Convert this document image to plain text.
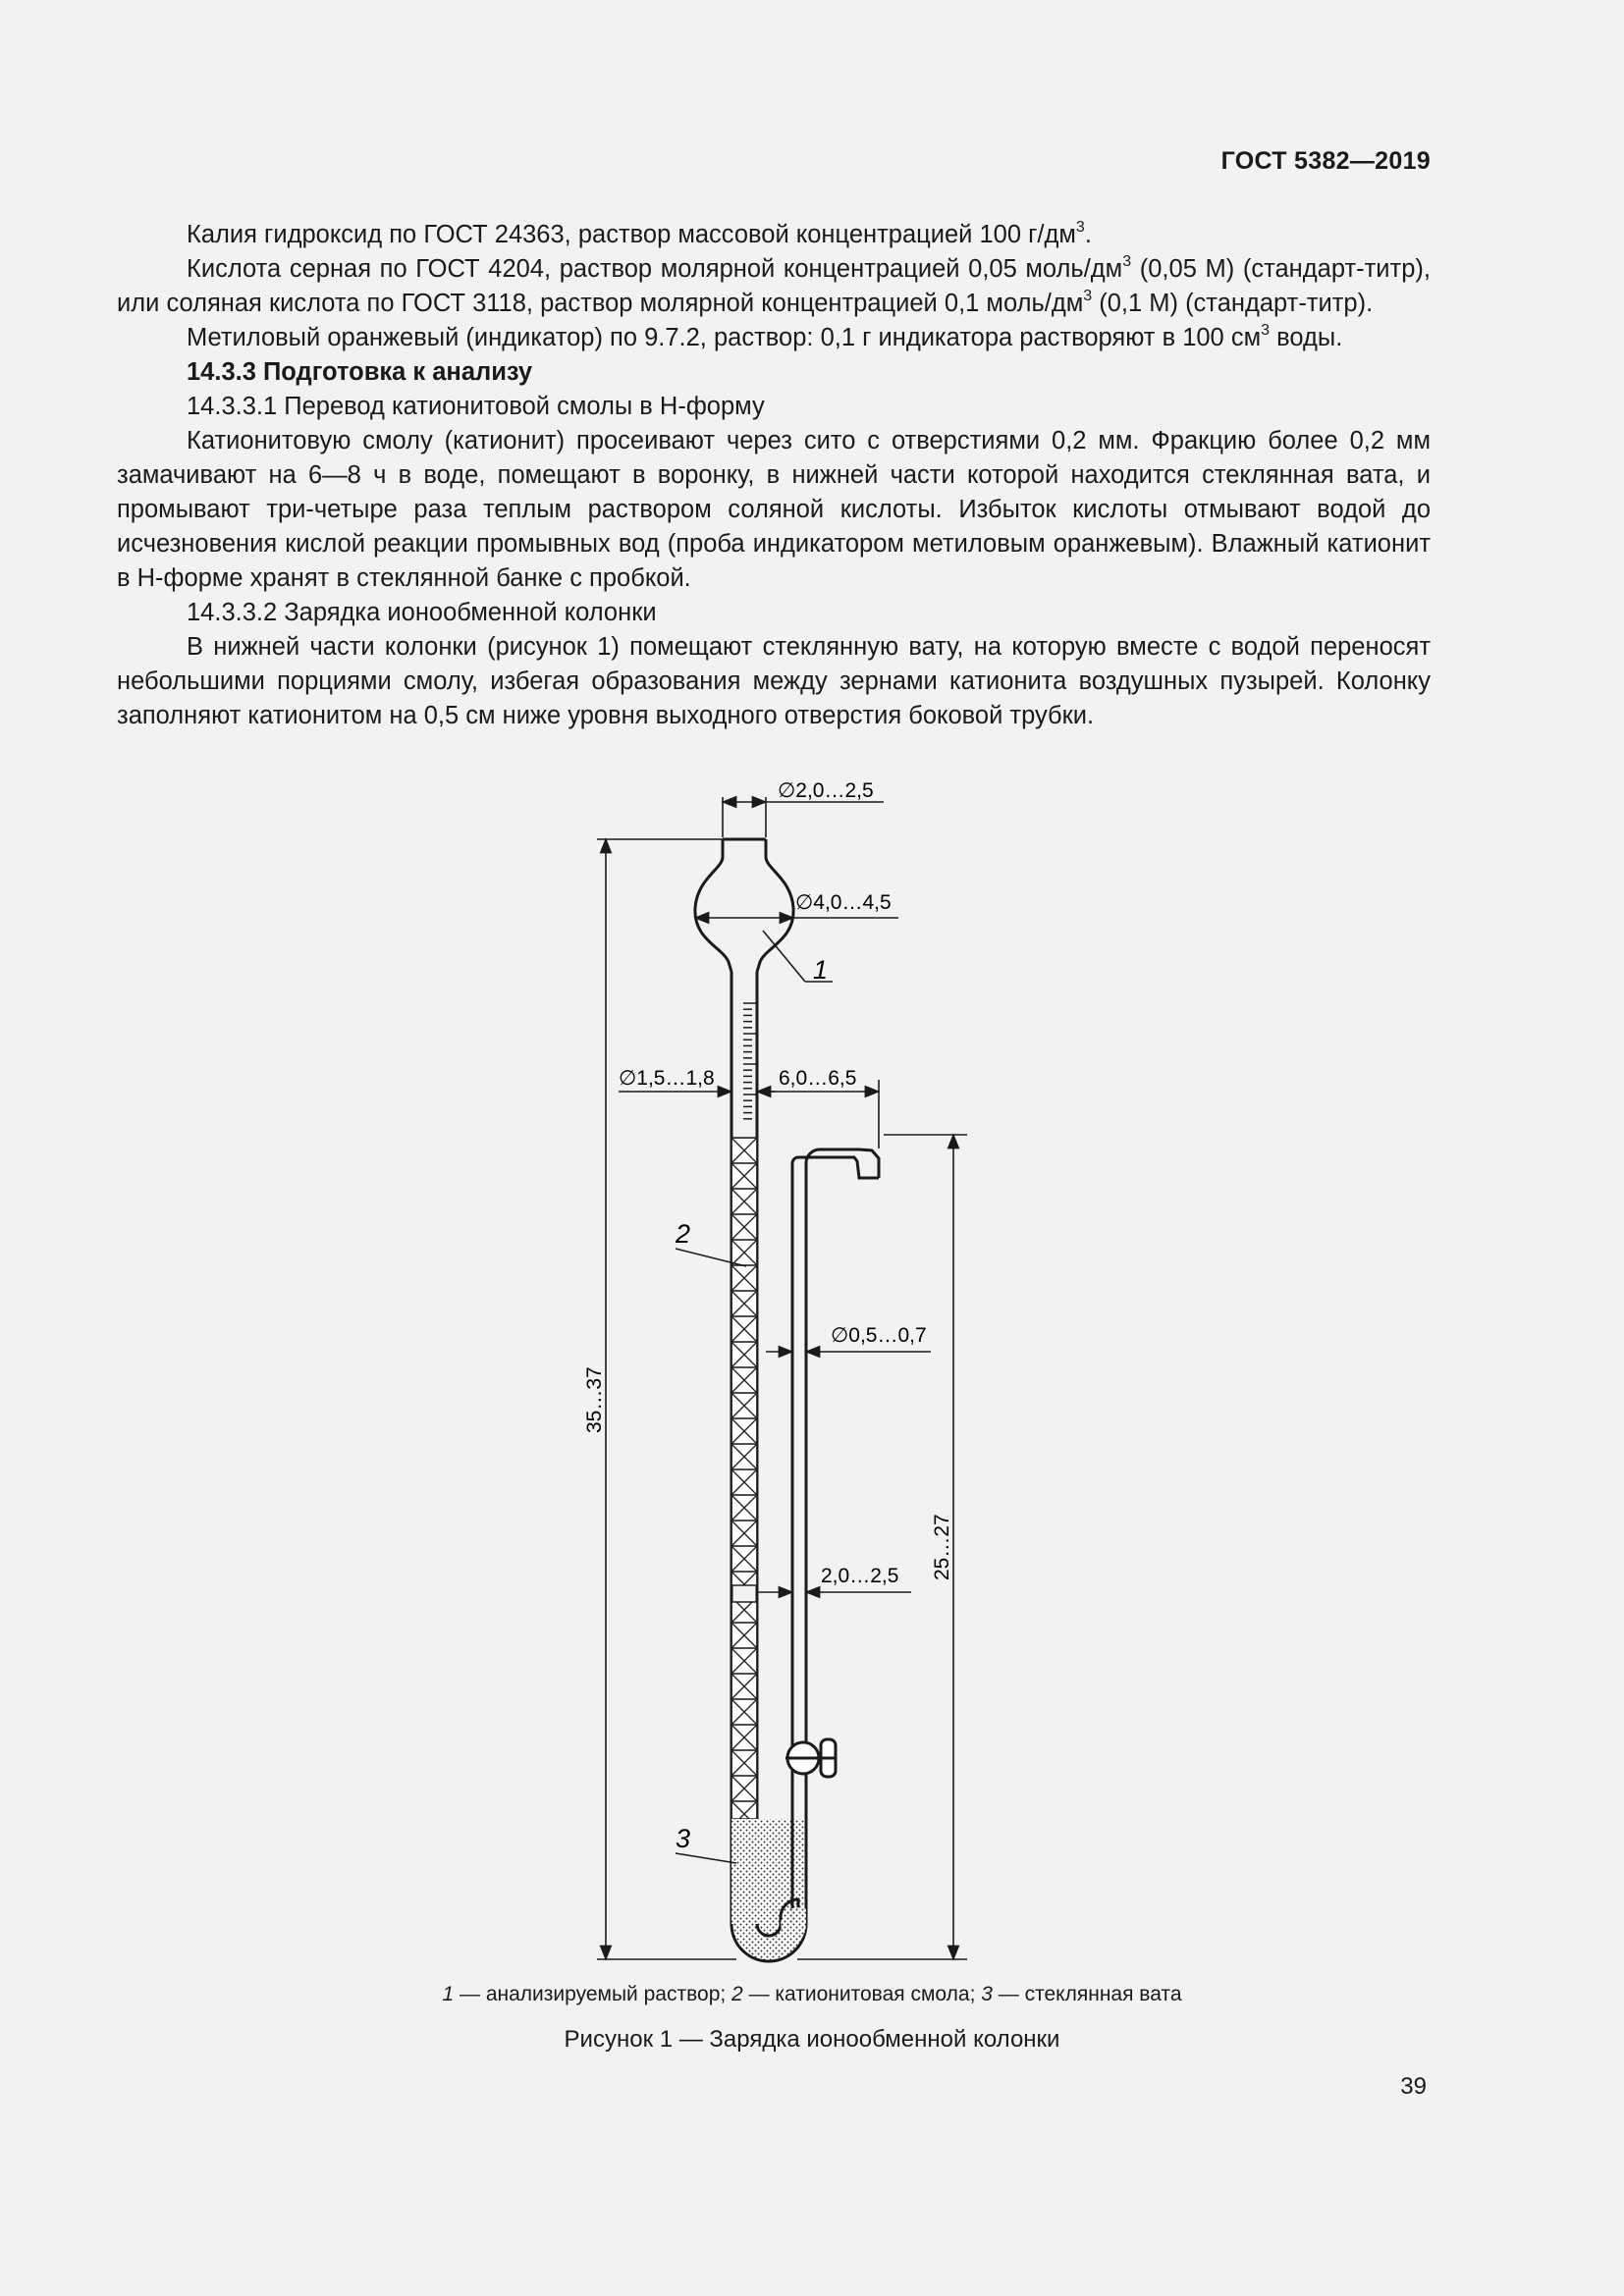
ГОСТ 5382—2019

Калия гидроксид по ГОСТ 24363, раствор массовой концентрацией 100 $г/дм^3$.

Кислота серная по ГОСТ 4204, раствор молярной концентрацией 0,05 моль/$дм^3$ (0,05 М) (стандарт-титр), или соляная кислота по ГОСТ 3118, раствор молярной концентрацией 0,1 моль/$дм^3$ (0,1 М) (стандарт-титр).

Метиловый оранжевый (индикатор) по 9.7.2, раствор: 0,1 г индикатора растворяют в 100 $см^3$ воды.

14.3.3 Подготовка к анализу

14.3.3.1 Перевод катионитовой смолы в Н-форму

Катионитовую смолу (катионит) просеивают через сито с отверстиями 0,2 мм. Фракцию более 0,2 мм замачивают на 6—8 ч в воде, помещают в воронку, в нижней части которой находится стеклянная вата, и промывают три-четыре раза теплым раствором соляной кислоты. Избыток кислоты отмывают водой до исчезновения кислой реакции промывных вод (проба индикатором метиловым оранжевым). Влажный катионит в Н-форме хранят в стеклянной банке с пробкой.

14.3.3.2 Зарядка ионообменной колонки

В нижней части колонки (рисунок 1) помещают стеклянную вату, на которую вместе с водой переносят небольшими порциями смолу, избегая образования между зернами катионита воздушных пузырей. Колонку заполняют катионитом на 0,5 см ниже уровня выходного отверстия боковой трубки.

∅2,0…2,5
∅4,0…4,5
1
∅1,5…1,8	6,0…6,5
2
∅0,5…0,7
2,0…2,5
35…37
25…27
3
1 — анализируемый раствор; 2 — катионитовая смола; 3 — стеклянная вата
Рисунок 1 — Зарядка ионообменной колонки
39
